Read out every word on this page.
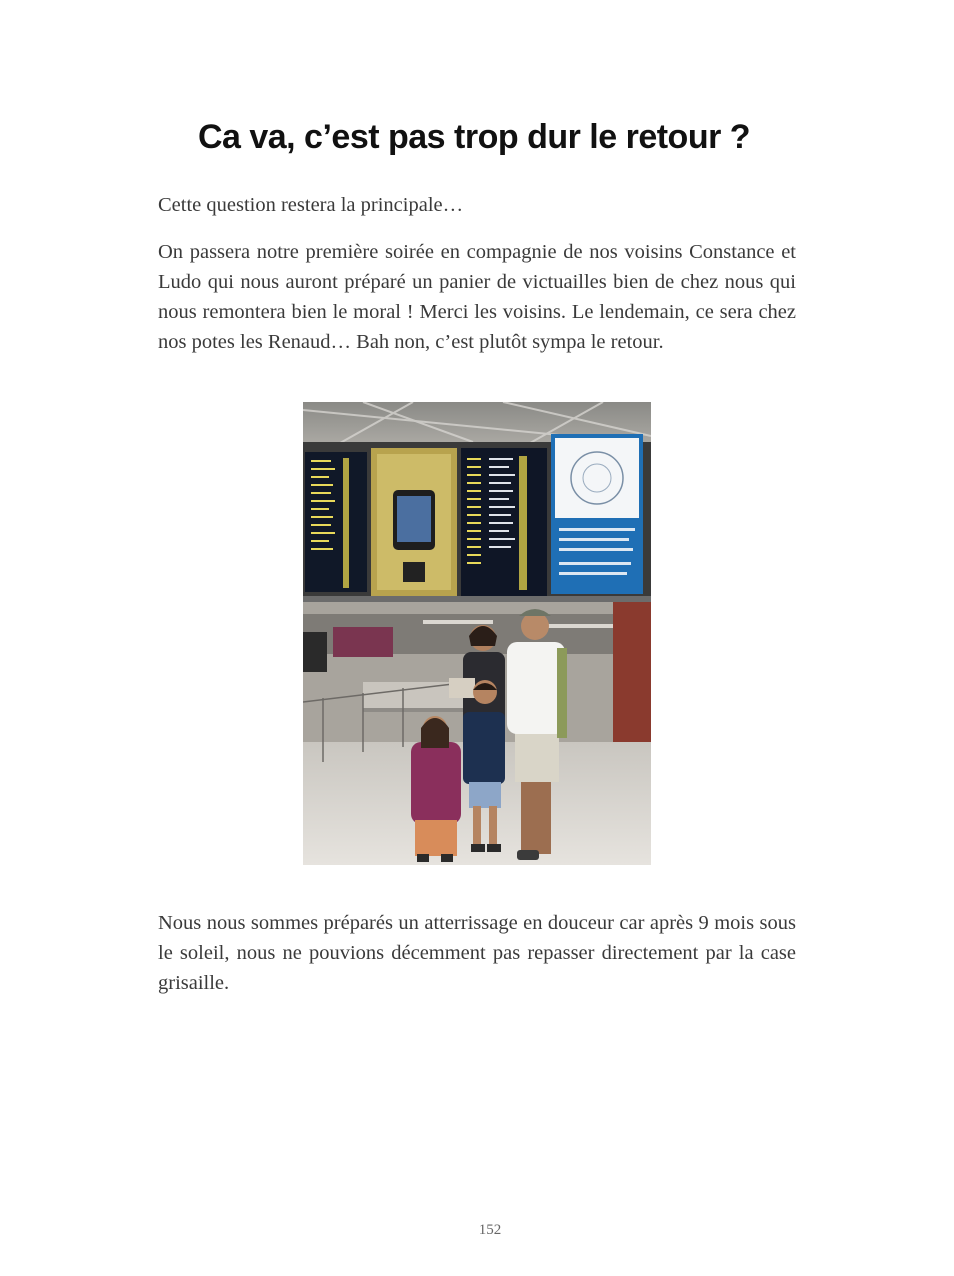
Ca va, c’est pas trop dur le retour ?

Cette question restera la principale…

On passera notre première soirée en compagnie de nos voisins Constance et Ludo qui nous auront préparé un panier de victuailles bien de chez nous qui nous remontera bien le moral ! Merci les voisins. Le lendemain, ce sera chez nos potes les Renaud… Bah non, c’est plutôt sympa le retour.

Nous nous sommes préparés un atterrissage en douceur car après 9 mois sous le soleil, nous ne pouvions décemment pas repasser directement par la case grisaille.

152
